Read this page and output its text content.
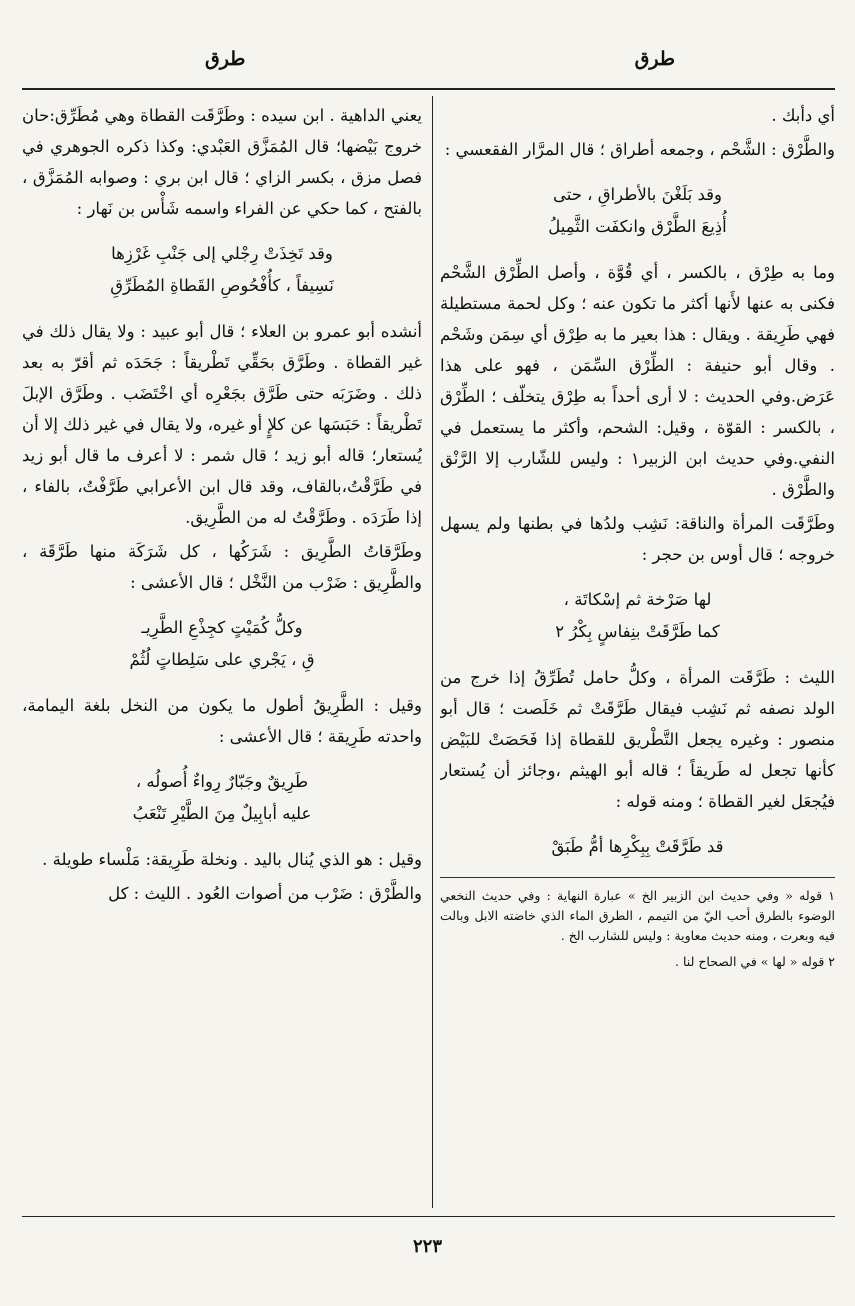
طرق
طرق

أي دأبك .

والطَّرْق : الشَّحْم ، وجمعه أطراق ؛ قال المرَّار الفقعسي :

وقد بَلَغْنَ بالأطراقِ ، حتى
أُذِيعَ الطَّرْق وانكفَت الثَّمِيلُ

وما به طِرْق ، بالكسر ، أي قُوَّة ، وأصل الطِّرْق الشَّحْم فكنى به عنها لأَنها أكثر ما تكون عنه ؛ وكل لحمة مستطيلة فهي طَرِيقة . ويقال : هذا بعير ما به طِرْق أي سِمَن وشَحْم . وقال أبو حنيفة : الطِّرْق السِّمَن ، فهو على هذا عَرَض.وفي الحديث : لا أرى أحداً به طِرْق يتخلّف ؛ الطِّرْق ، بالكسر : القوّة ، وقيل: الشحم، وأكثر ما يستعمل في النفي.وفي حديث ابن الزبير١ : وليس للشّارب إلا الرَّنْق والطَّرْق .

وطَرَّقَت المرأة والناقة: نَشِب ولدُها في بطنها ولم يسهل خروجه ؛ قال أوس بن حجر :

لها صَرْخة ثم إسْكاتَة ،
كما طَرَّقَتْ بنِفاسٍ بِكْرُ ٢

الليث : طَرَّقَت المرأة ، وكلُّ حامل تُطَرِّقُ إذا خرج من الولد نصفه ثم نَشِب فيقال طَرَّقَتْ ثم خَلَصت ؛ قال أبو منصور : وغيره يجعل التَّطْريق للقطاة إذا فَحَصَتْ للبَيْض كأنها تجعل له طَريقاً ؛ قاله أبو الهيثم ،وجائز أن يُستعار فيُجعَل لغير القطاة ؛ ومنه قوله :

قد طَرَّقَتْ بِبِكْرِها أمُّ طَبَقْ

١ قوله « وفي حديث ابن الزبير الخ » عبارة النهاية : وفي حديث النخعي الوضوء بالطرق أحب اليّ من التيمم ، الطرق الماء الذي خاضته الابل وبالت فيه وبعرت ، ومنه حديث معاوية : وليس للشارب الخ .

٢ قوله « لها » في الصحاح لنا .

يعني الداهية . ابن سيده : وطَرَّقَت القطاة وهي مُطَرِّق:حان خروج بَيْضها؛ قال المُمَزَّق العَبْدي: وكذا ذكره الجوهري في فصل مزق ، بكسر الزاي ؛ قال ابن بري : وصوابه المُمَزَّق ، بالفتح ، كما حكي عن الفراء واسمه شَأْس بن نَهار :

وقد تَخِذَتْ رِجْلي إلى جَنْبِ غَرْزِها
نَسِيفاً ، كأُفْحُوصِ القَطاةِ المُطَرِّقِ

أنشده أبو عمرو بن العلاء ؛ قال أبو عبيد : ولا يقال ذلك في غير القطاة . وطَرَّق بحَقِّي تَطْريقاً : جَحَدَه ثم أقرّ به بعد ذلك . وضَرَبَه حتى طَرَّق بجَعْرِه أي اخْتَضَب . وطَرَّق الإبلَ تَطْريقاً : حَبَسَها عن كلإٍ أو غيره، ولا يقال في غير ذلك إلا أن يُستعار؛ قاله أبو زيد ؛ قال شمر : لا أعرف ما قال أبو زيد في طَرَّقْتُ،بالقاف، وقد قال ابن الأعرابي طَرَّفْتُ، بالفاء ، إذا طَرَدَه . وطَرَّقْتُ له من الطَّرِيق.

وطَرَّقاتُ الطَّرِيق : شَرَكُها ، كل شَرَكَة منها طَرَّقَة ، والطَّرِيق : ضَرْب من النَّخْل ؛ قال الأعشى :

وكلُّ كُمَيْتٍ كجِذْعِ الطَّرِيـ
قِ ، يَجْري على سَلِطاتٍ لُثُمْ

وقيل : الطَّرِيقُ أطول ما يكون من النخل بلغة اليمامة، واحدته طَرِيقة ؛ قال الأعشى :

طَرِيقٌ وجَبّارٌ رِواءٌ أُصولُه ،
عليه أبابِيلٌ مِنَ الطَّيْرِ تَنْعَبُ

وقيل : هو الذي يُنال باليد . ونخلة طَرِيقة: مَلْساء طويلة .

والطَّرْق : ضَرْب من أصوات العُود . الليث : كل

٢٢٣
